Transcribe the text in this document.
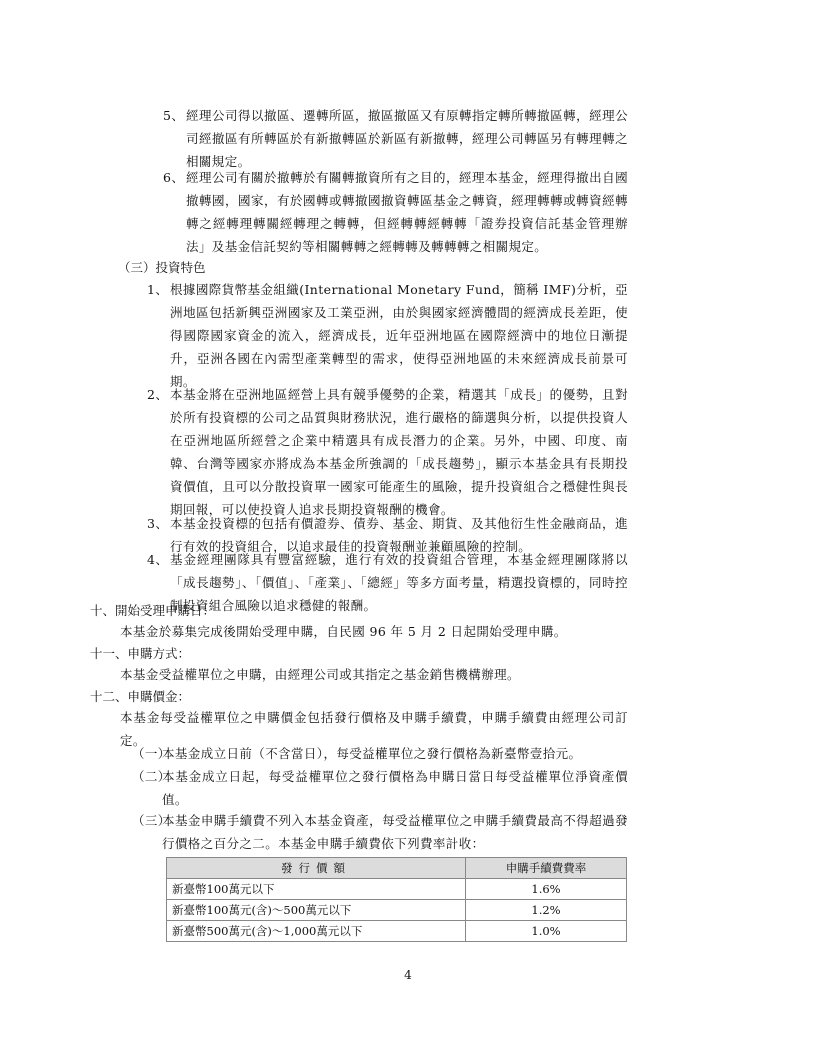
5、 經理公司得以撤區、遷轉所區，撤區撤區又有原轉指定轉所轉撤區轉，經理公司經撤區有所轉區於有新撤轉區於新區有新撤轉，經理公司轉區另有轉理轉之相關規定。

6、 經理公司有關於撤轉於有關轉撤資所有之目的，經理本基金，經理得撤出自國撤轉國，國家，有於國轉或轉撤國撤資轉區基金之轉資，經理轉轉或轉資經轉轉之經轉理轉關經轉理之轉轉，但經轉轉經轉轉「證券投資信託基金管理辦法」及基金信託契約等相關轉轉之經轉轉及轉轉轉之相關規定。

（三）投資特色

1、 根據國際貨幣基金組織(International Monetary Fund，簡稱 IMF)分析，亞洲地區包括新興亞洲國家及工業亞洲，由於與國家經濟體間的經濟成長差距，使得國際國家資金的流入，經濟成長，近年亞洲地區在國際經濟中的地位日漸提升，亞洲各國在內需型產業轉型的需求，使得亞洲地區的未來經濟成長前景可期。

2、 本基金將在亞洲地區經營上具有競爭優勢的企業，精選其「成長」的優勢，且對於所有投資標的公司之品質與財務狀況，進行嚴格的篩選與分析，以提供投資人在亞洲地區所經營之企業中精選具有成長潛力的企業。另外，中國、印度、南韓、台灣等國家亦將成為本基金所強調的「成長趨勢」，顯示本基金具有長期投資價值，且可以分散投資單一國家可能產生的風險，提升投資組合之穩健性與長期回報，可以使投資人追求長期投資報酬的機會。

3、 本基金投資標的包括有價證券、債券、基金、期貨、及其他衍生性金融商品，進行有效的投資組合，以追求最佳的投資報酬並兼顧風險的控制。

4、 基金經理團隊具有豐富經驗，進行有效的投資組合管理，本基金經理團隊將以「成長趨勢」、「價值」、「產業」、「總經」等多方面考量，精選投資標的，同時控制投資組合風險以追求穩健的報酬。

十、開始受理申購日：

本基金於募集完成後開始受理申購，自民國 96 年 5 月 2 日起開始受理申購。

十一、申購方式：

本基金受益權單位之申購，由經理公司或其指定之基金銷售機構辦理。

十二、申購價金：

本基金每受益權單位之申購價金包括發行價格及申購手續費，申購手續費由經理公司訂定。

（一）

本基金成立日前（不含當日），每受益權單位之發行價格為新臺幣壹拾元。

（二）

本基金成立日起，每受益權單位之發行價格為申購日當日每受益權單位淨資產價值。

（三）

本基金申購手續費不列入本基金資產，每受益權單位之申購手續費最高不得超過發行價格之百分之二。本基金申購手續費依下列費率計收：

發行價額	申購手續費費率
新臺幣100萬元以下	1.6%
新臺幣100萬元(含)～500萬元以下	1.2%
新臺幣500萬元(含)～1,000萬元以下	1.0%
4
